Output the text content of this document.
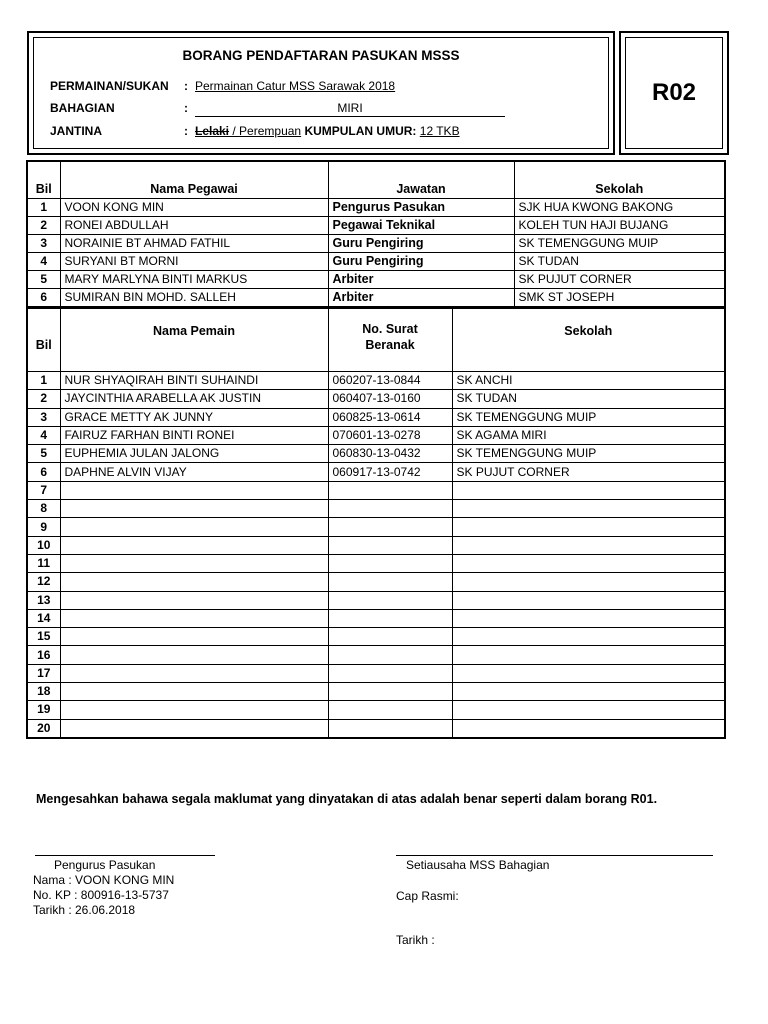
BORANG PENDAFTARAN PASUKAN MSSS
PERMAINAN/SUKAN : Permainan Catur MSS Sarawak 2018
BAHAGIAN	:	MIRI
JANTINA	: Lelaki / Perempuan KUMPULAN UMUR: 12 TKB
R02
Bil	Nama Pegawai	Jawatan	Sekolah
1	VOON KONG MIN	Pengurus Pasukan	SJK HUA KWONG BAKONG
2	RONEI ABDULLAH	Pegawai Teknikal	KOLEH TUN HAJI BUJANG
3	NORAINIE BT AHMAD FATHIL	Guru Pengiring	SK TEMENGGUNG MUIP
4	SURYANI BT MORNI	Guru Pengiring	SK TUDAN
5	MARY MARLYNA BINTI MARKUS	Arbiter	SK PUJUT CORNER
6	SUMIRAN BIN MOHD. SALLEH	Arbiter	SMK ST JOSEPH
Bil	Nama Pemain	No. Surat Beranak	Sekolah
1	NUR SHYAQIRAH BINTI SUHAINDI	060207-13-0844	SK ANCHI
2	JAYCINTHIA ARABELLA AK JUSTIN	060407-13-0160	SK TUDAN
3	GRACE METTY AK JUNNY	060825-13-0614	SK TEMENGGUNG MUIP
4	FAIRUZ FARHAN BINTI RONEI	070601-13-0278	SK AGAMA MIRI
5	EUPHEMIA JULAN JALONG	060830-13-0432	SK TEMENGGUNG MUIP
6	DAPHNE ALVIN VIJAY	060917-13-0742	SK PUJUT CORNER
7			
8			
9			
10			
11			
12			
13			
14			
15			
16			
17			
18			
19			
20			
Mengesahkan bahawa segala maklumat yang dinyatakan di atas adalah benar seperti dalam borang R01.
Pengurus Pasukan
Nama : VOON KONG MIN
No. KP : 800916-13-5737
Tarikh : 26.06.2018
Setiausaha MSS Bahagian
Cap Rasmi:
Tarikh :
